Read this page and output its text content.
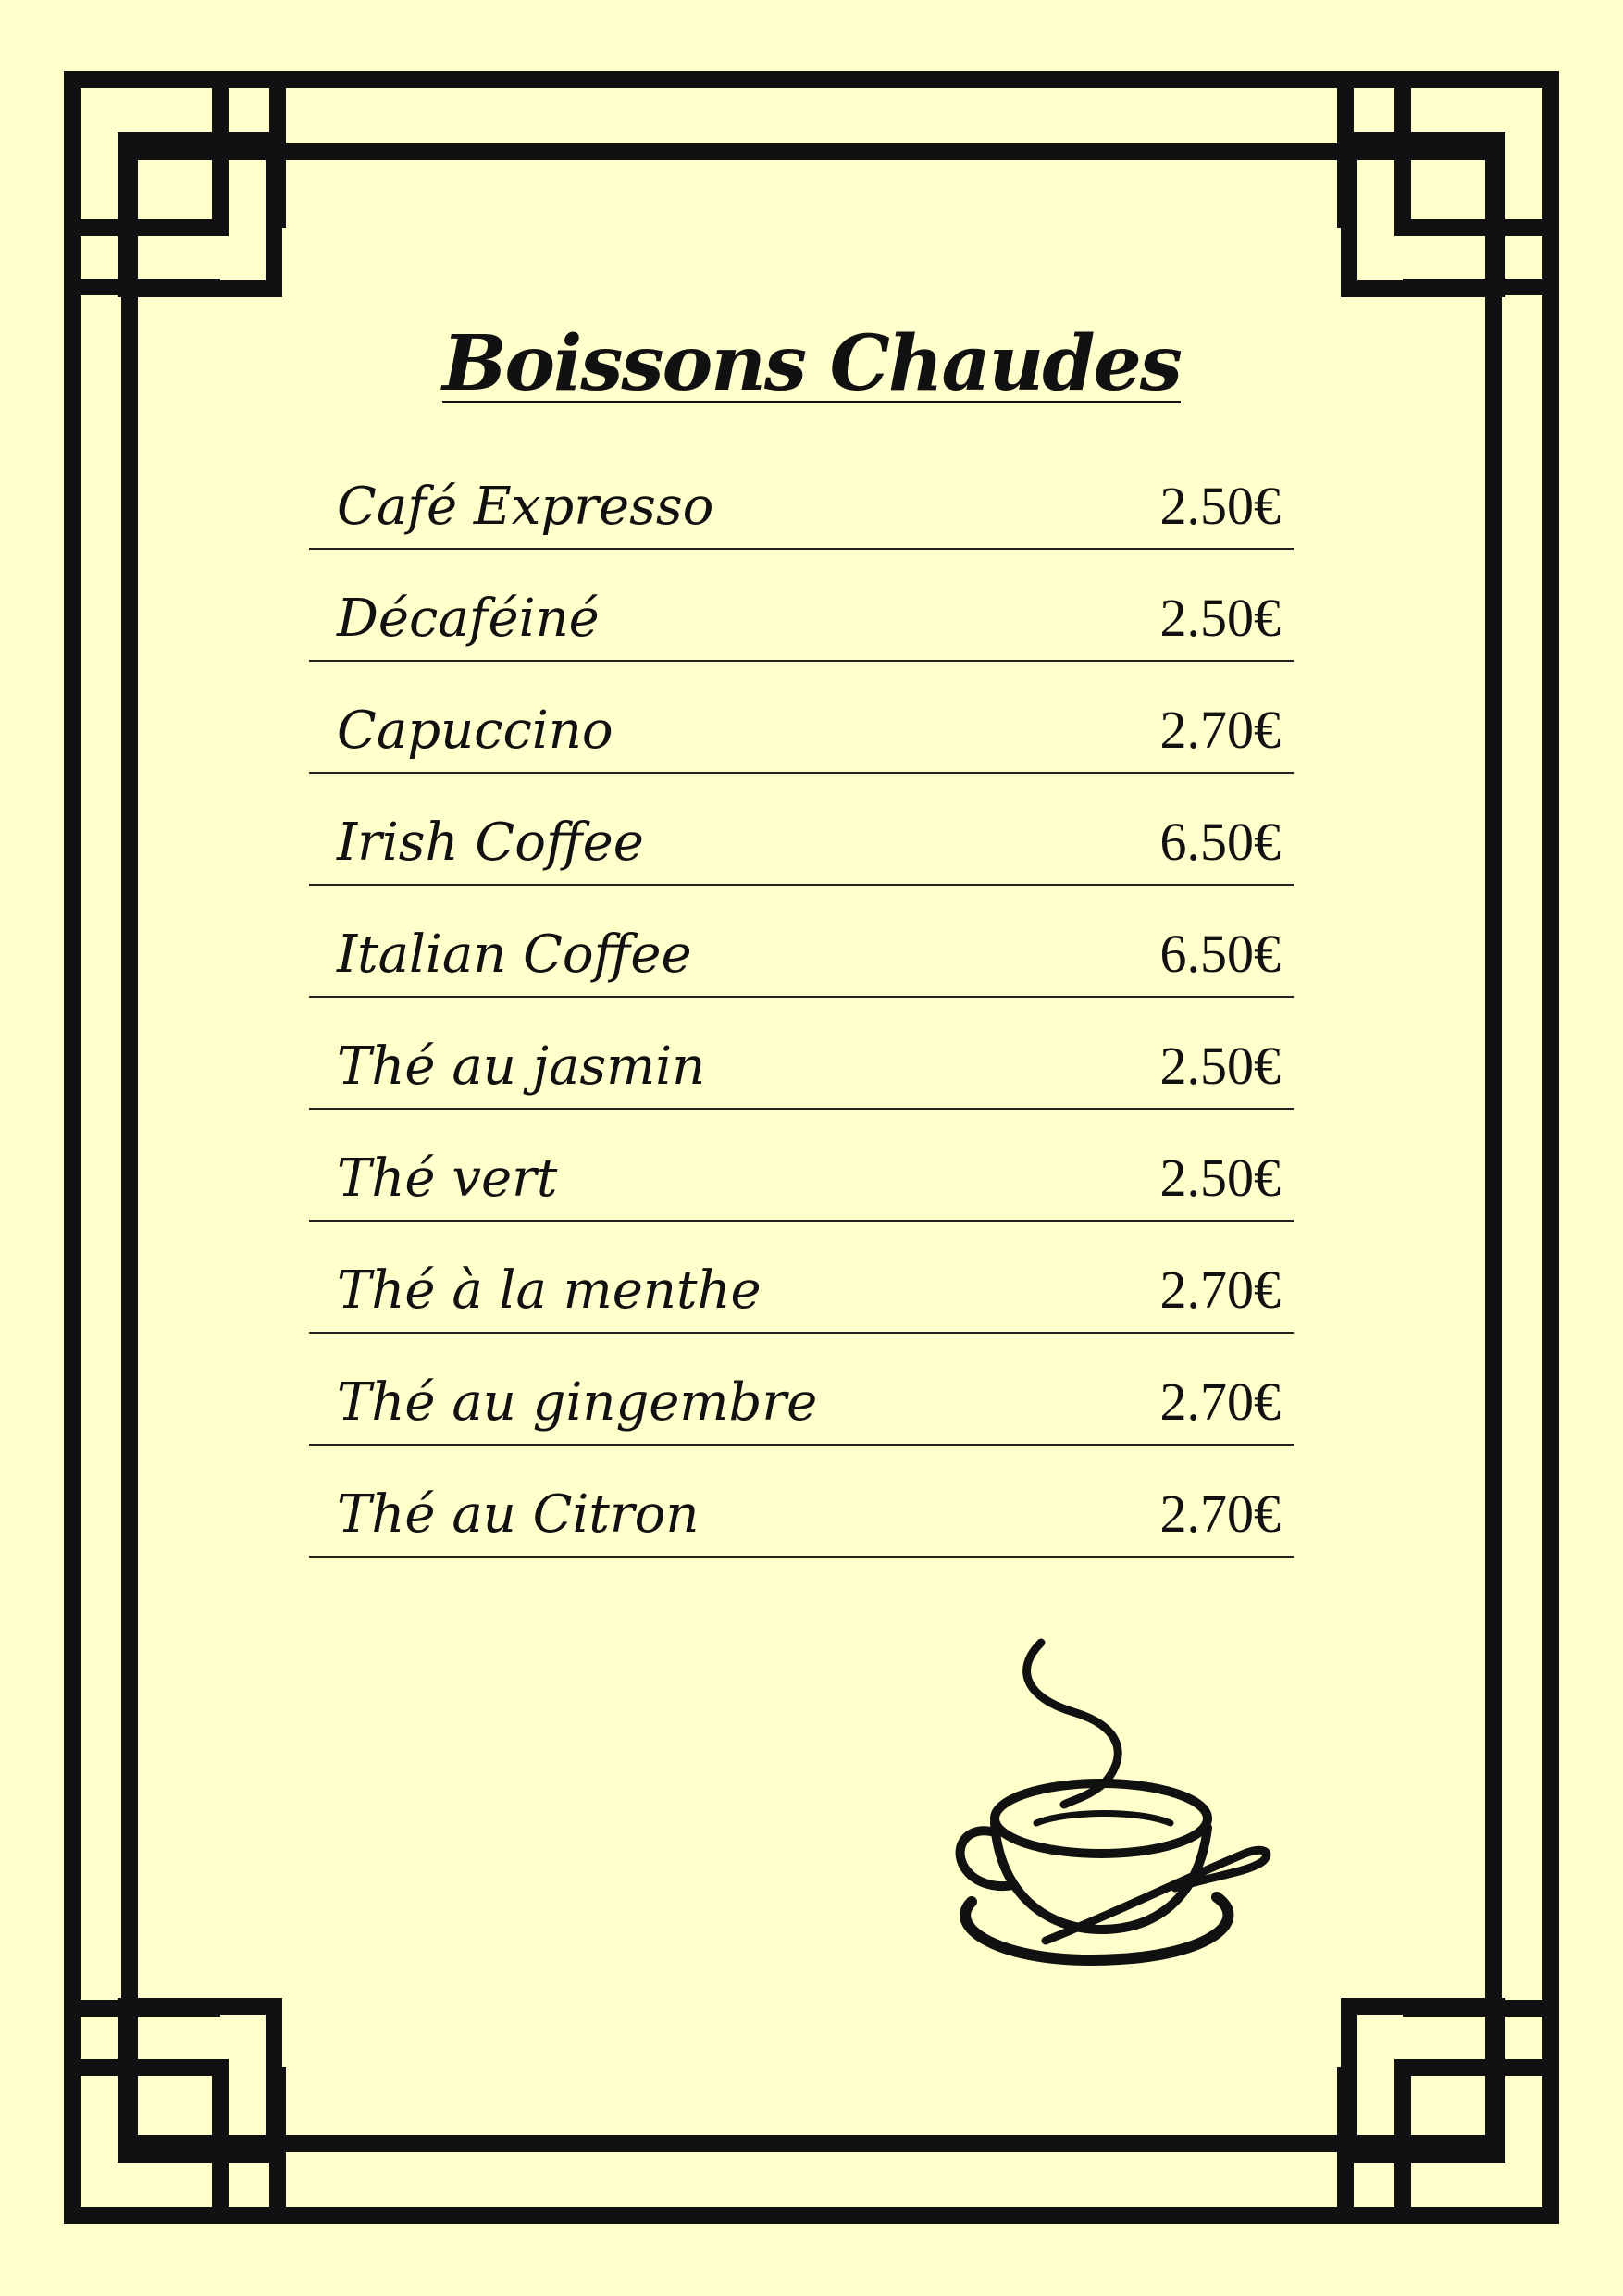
Boissons Chaudes
Café Expresso	2.50€
Décaféiné	2.50€
Capuccino	2.70€
Irish Coffee	6.50€
Italian Coffee	6.50€
Thé au jasmin	2.50€
Thé vert	2.50€
Thé à la menthe	2.70€
Thé au gingembre	2.70€
Thé au Citron	2.70€
